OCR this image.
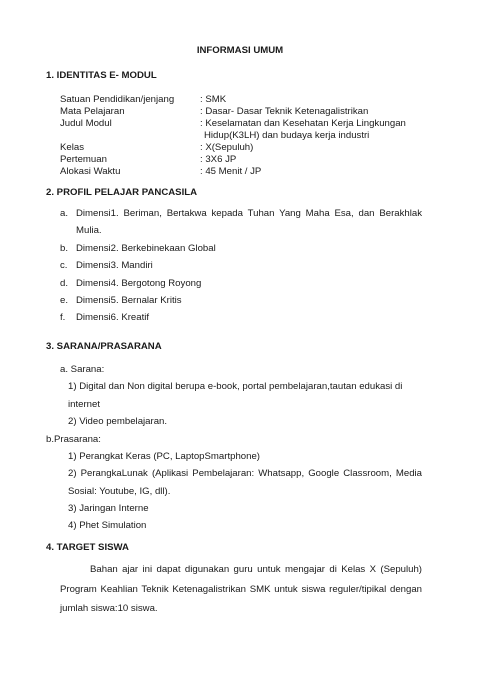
INFORMASI UMUM
1. IDENTITAS E- MODUL
Satuan Pendidikan/jenjang	: SMK
Mata Pelajaran	: Dasar- Dasar Teknik Ketenagalistrikan
Judul Modul	: Keselamatan dan Kesehatan Kerja Lingkungan
Hidup(K3LH) dan budaya kerja industri
Kelas	: X(Sepuluh)
Pertemuan	: 3X6 JP
Alokasi Waktu	: 45 Menit / JP
2. PROFIL PELAJAR PANCASILA
a. Dimensi1. Beriman, Bertakwa kepada Tuhan Yang Maha Esa, dan Berakhlak Mulia.
b. Dimensi2. Berkebinekaan Global
c. Dimensi3. Mandiri
d. Dimensi4. Bergotong Royong
e. Dimensi5. Bernalar Kritis
f.	Dimensi6. Kreatif
3. SARANA/PRASARANA
a. Sarana:
1) Digital dan Non digital berupa e-book, portal pembelajaran,tautan edukasi di internet
2) Video pembelajaran.
b.Prasarana:
1) Perangkat Keras (PC, LaptopSmartphone)
2) PerangkaLunak (Aplikasi Pembelajaran: Whatsapp, Google Classroom, Media Sosial: Youtube, IG, dll).
3) Jaringan Interne
4) Phet Simulation
4. TARGET SISWA
Bahan ajar ini dapat digunakan guru untuk mengajar di Kelas X (Sepuluh) Program Keahlian Teknik Ketenagalistrikan SMK untuk siswa reguler/tipikal dengan jumlah siswa:10 siswa.
